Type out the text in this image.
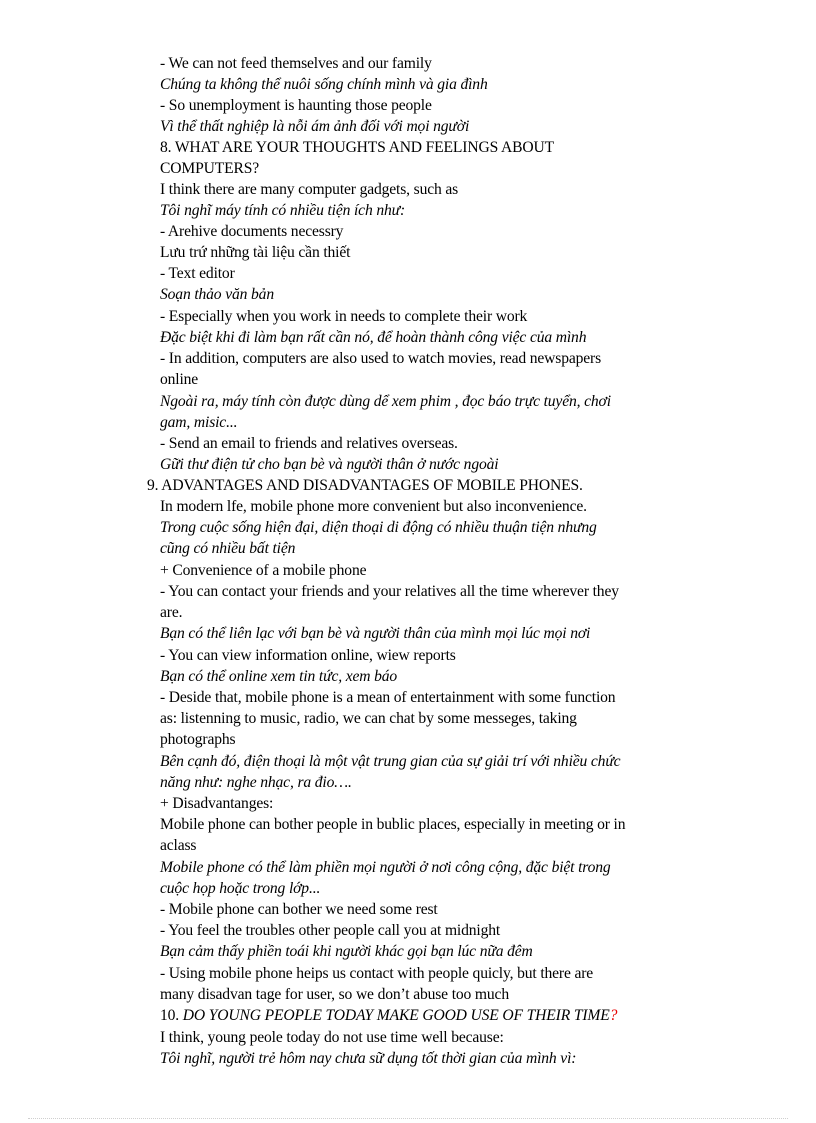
- We can not feed themselves and our family
Chúng ta không thể nuôi sống chính mình và gia đình
- So unemployment is haunting those people
Vì thể thất nghiệp là nỗi ám ảnh đối với mọi người
8. WHAT ARE YOUR THOUGHTS AND FEELINGS ABOUT
COMPUTERS?
I think there are many computer gadgets, such as
Tôi nghĩ máy tính có nhiều tiện ích như:
- Arehive documents necessry
Lưu trứ những tài liệu cần thiết
- Text editor
Soạn thảo văn bản
- Especially when you work in needs to complete their work
Đặc biệt khi đi làm bạn rất cần nó, để hoàn thành công việc của mình
- In addition, computers are also used to watch movies, read newspapers
online
Ngoài ra, máy tính còn được dùng dể xem phim , đọc báo trực tuyển, chơi
gam, misic...
- Send an email to friends and relatives overseas.
Gữi thư điện tử cho bạn bè và người thân ở nước ngoài
9. ADVANTAGES AND DISADVANTAGES OF MOBILE PHONES.
In modern lfe, mobile phone more convenient but also inconvenience.
Trong cuộc sống hiện đại, diện thoại di động có nhiều thuận tiện nhưng
cũng có nhiều bất tiện
+ Convenience of a mobile phone
- You can contact your friends and your relatives all the time wherever they
are.
Bạn có thể liên lạc với bạn bè và người thân của mình mọi lúc mọi nơi
- You can view information online, wiew reports
Bạn có thể online xem tin tức, xem báo
- Deside that, mobile phone is a mean of entertainment with some function
as: listenning to music, radio, we can chat by some messeges, taking
photographs
Bên cạnh đó, điện thoại là một vật trung gian của sự giải trí với nhiều chức
năng như: nghe nhạc, ra đio….
+ Disadvantanges:
Mobile phone can bother people in bublic places, especially in meeting or in
aclass
Mobile phone có thể làm phiền mọi người ở nơi công cộng, đặc biệt trong
cuộc họp hoặc trong lớp...
- Mobile phone can bother we need some rest
- You feel the troubles other people call you at midnight
Bạn cảm thấy phiền toái khi người khác gọi bạn lúc nữa đêm
- Using mobile phone heips us contact with people quicly, but there are
many disadvan tage for user, so we don’t abuse too much
10. DO YOUNG PEOPLE TODAY MAKE GOOD USE OF THEIR TIME?
I think, young peole today do not use time well because:
Tôi nghĩ, người trẻ hôm nay chưa sữ dụng tốt thời gian của mình vì:
